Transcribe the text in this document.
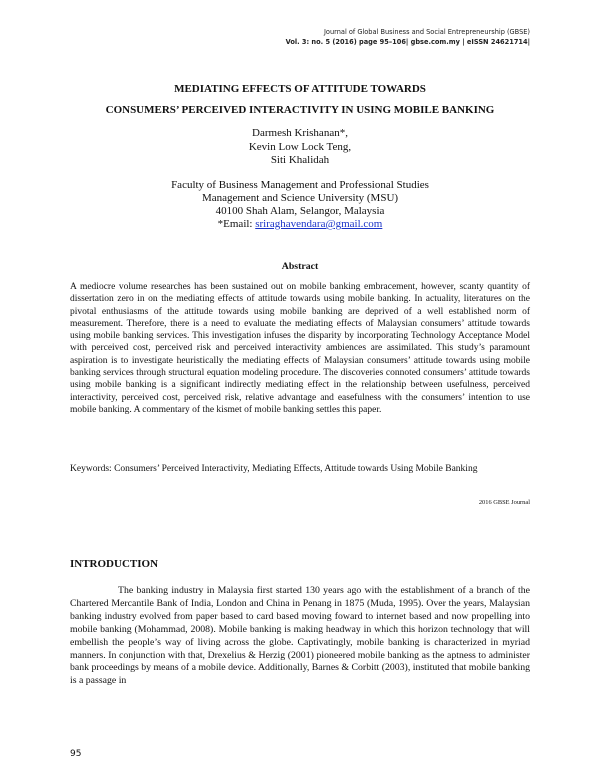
Journal of Global Business and Social Entrepreneurship (GBSE)
Vol. 3: no. 5 (2016) page 95–106| gbse.com.my | eISSN 24621714|
MEDIATING EFFECTS OF ATTITUDE TOWARDS
CONSUMERS’ PERCEIVED INTERACTIVITY IN USING MOBILE BANKING
Darmesh Krishanan*,
Kevin Low Lock Teng,
Siti Khalidah
Faculty of Business Management and Professional Studies
Management and Science University (MSU)
40100 Shah Alam, Selangor, Malaysia
*Email: sriraghavendara@gmail.com
Abstract
A mediocre volume researches has been sustained out on mobile banking embracement, however, scanty quantity of dissertation zero in on the mediating effects of attitude towards using mobile banking. In actuality, literatures on the pivotal enthusiasms of the attitude towards using mobile banking are deprived of a well established norm of measurement. Therefore, there is a need to evaluate the mediating effects of Malaysian consumers’ attitude towards using mobile banking services. This investigation infuses the disparity by incorporating Technology Acceptance Model with perceived cost, perceived risk and perceived interactivity ambiences are assimilated. This study’s paramount aspiration is to investigate heuristically the mediating effects of Malaysian consumers’ attitude towards using mobile banking services through structural equation modeling procedure. The discoveries connoted consumers’ attitude towards using mobile banking is a significant indirectly mediating effect in the relationship between usefulness, perceived interactivity, perceived cost, perceived risk, relative advantage and easefulness with the consumers’ intention to use mobile banking. A commentary of the kismet of mobile banking settles this paper.
Keywords: Consumers’ Perceived Interactivity, Mediating Effects, Attitude towards Using Mobile Banking
2016 GBSE Journal
INTRODUCTION
The banking industry in Malaysia first started 130 years ago with the establishment of a branch of the Chartered Mercantile Bank of India, London and China in Penang in 1875 (Muda, 1995). Over the years, Malaysian banking industry evolved from paper based to card based moving foward to internet based and now propelling into mobile banking (Mohammad, 2008). Mobile banking is making headway in which this horizon technology that will embellish the people’s way of living across the globe. Captivatingly, mobile banking is characterized in myriad manners. In conjunction with that, Drexelius & Herzig (2001) pioneered mobile banking as the aptness to administer bank proceedings by means of a mobile device. Additionally, Barnes & Corbitt (2003), instituted that mobile banking is a passage in
95
